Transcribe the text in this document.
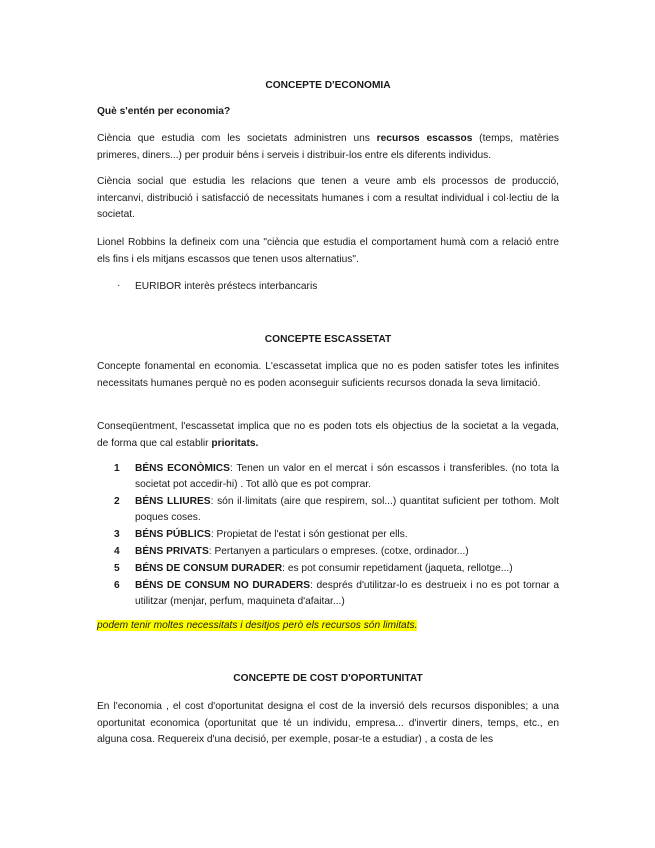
CONCEPTE D'ECONOMIA
Què s'entén per economia?
Ciència que estudia com les societats administren uns recursos escassos (temps, matèries primeres, diners...) per produir béns i serveis i distribuir-los entre els diferents individus.
Ciència social que estudia les relacions que tenen a veure amb els processos de producció, intercanvi, distribució i satisfacció de necessitats humanes i com a resultat individual i col·lectiu de la societat.
Lionel Robbins la defineix com una "ciència que estudia el comportament humà com a relació entre els fins i els mitjans escassos que tenen usos alternatius".
· EURIBOR interès préstecs interbancaris
CONCEPTE ESCASSETAT
Concepte fonamental en economia. L'escassetat implica que no es poden satisfer totes les infinites necessitats humanes perquè no es poden aconseguir suficients recursos donada la seva limitació.
Conseqüentment, l'escassetat implica que no es poden tots els objectius de la societat a la vegada, de forma que cal establir prioritats.
1 BÉNS ECONÒMICS: Tenen un valor en el mercat i són escassos i transferibles. (no tota la societat pot accedir-hi) . Tot allò que es pot comprar.
2 BÉNS LLIURES: són il·limitats (aire que respirem, sol...) quantitat suficient per tothom. Molt poques coses.
3 BÉNS PÚBLICS: Propietat de l'estat i són gestionat per ells.
4 BÉNS PRIVATS: Pertanyen a particulars o empreses. (cotxe, ordinador...)
5 BÉNS DE CONSUM DURADER: es pot consumir repetidament (jaqueta, rellotge...)
6 BÉNS DE CONSUM NO DURADERS: després d'utilitzar-lo es destrueix i no es pot tornar a utilitzar (menjar, perfum, maquineta d'afaitar...)
podem tenir moltes necessitats i desitjos però els recursos són limitats.
CONCEPTE DE COST D'OPORTUNITAT
En l'economia , el cost d'oportunitat designa el cost de la inversió dels recursos disponibles; a una oportunitat economica (oportunitat que té un individu, empresa... d'invertir diners, temps, etc., en alguna cosa. Requereix d'una decisió, per exemple, posar-te a estudiar) , a costa de les
